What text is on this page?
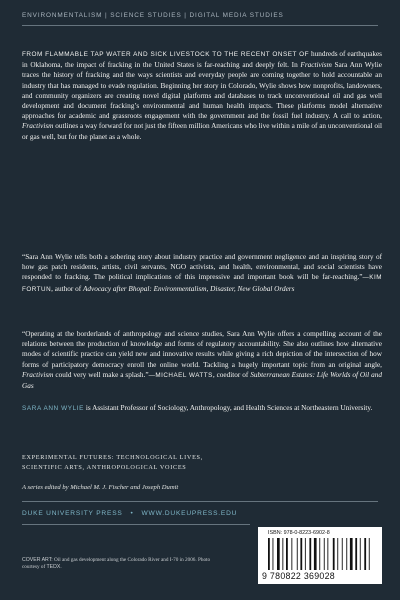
ENVIRONMENTALISM | SCIENCE STUDIES | DIGITAL MEDIA STUDIES

FROM FLAMMABLE TAP WATER AND SICK LIVESTOCK TO THE RECENT ONSET OF hundreds of earthquakes in Oklahoma, the impact of fracking in the United States is far-reaching and deeply felt. In Fractivism Sara Ann Wylie traces the history of fracking and the ways scientists and everyday people are coming together to hold accountable an industry that has managed to evade regulation. Beginning her story in Colorado, Wylie shows how nonprofits, landowners, and community organizers are creating novel digital platforms and databases to track unconventional oil and gas well development and document fracking’s environmental and human health impacts. These platforms model alternative approaches for academic and grassroots engagement with the government and the fossil fuel industry. A call to action, Fractivism outlines a way forward for not just the fifteen million Americans who live within a mile of an unconventional oil or gas well, but for the planet as a whole.

“Sara Ann Wylie tells both a sobering story about industry practice and government negligence and an inspiring story of how gas patch residents, artists, civil servants, NGO activists, and health, environmental, and social scientists have responded to fracking. The political implications of this impressive and important book will be far-reaching.”—KIM FORTUN, author of Advocacy after Bhopal: Environmentalism, Disaster, New Global Orders

“Operating at the borderlands of anthropology and science studies, Sara Ann Wylie offers a compelling account of the relations between the production of knowledge and forms of regulatory accountability. She also outlines how alternative modes of scientific practice can yield new and innovative results while giving a rich depiction of the intersection of how forms of participatory democracy enroll the online world. Tackling a hugely important topic from an original angle, Fractivism could very well make a splash.”—MICHAEL WATTS, coeditor of Subterranean Estates: Life Worlds of Oil and Gas

SARA ANN WYLIE is Assistant Professor of Sociology, Anthropology, and Health Sciences at Northeastern University.

EXPERIMENTAL FUTURES: TECHNOLOGICAL LIVES,
SCIENTIFIC ARTS, ANTHROPOLOGICAL VOICES
A series edited by Michael M. J. Fischer and Joseph Dumit
DUKE UNIVERSITY PRESS   •   WWW.DUKEUPRESS.EDU
COVER ART: Oil and gas development along the Colorado River and I-70 in 2006. Photo courtesy of TEDX.
ISBN: 978-0-8223-6902-8
9 780822 369028
